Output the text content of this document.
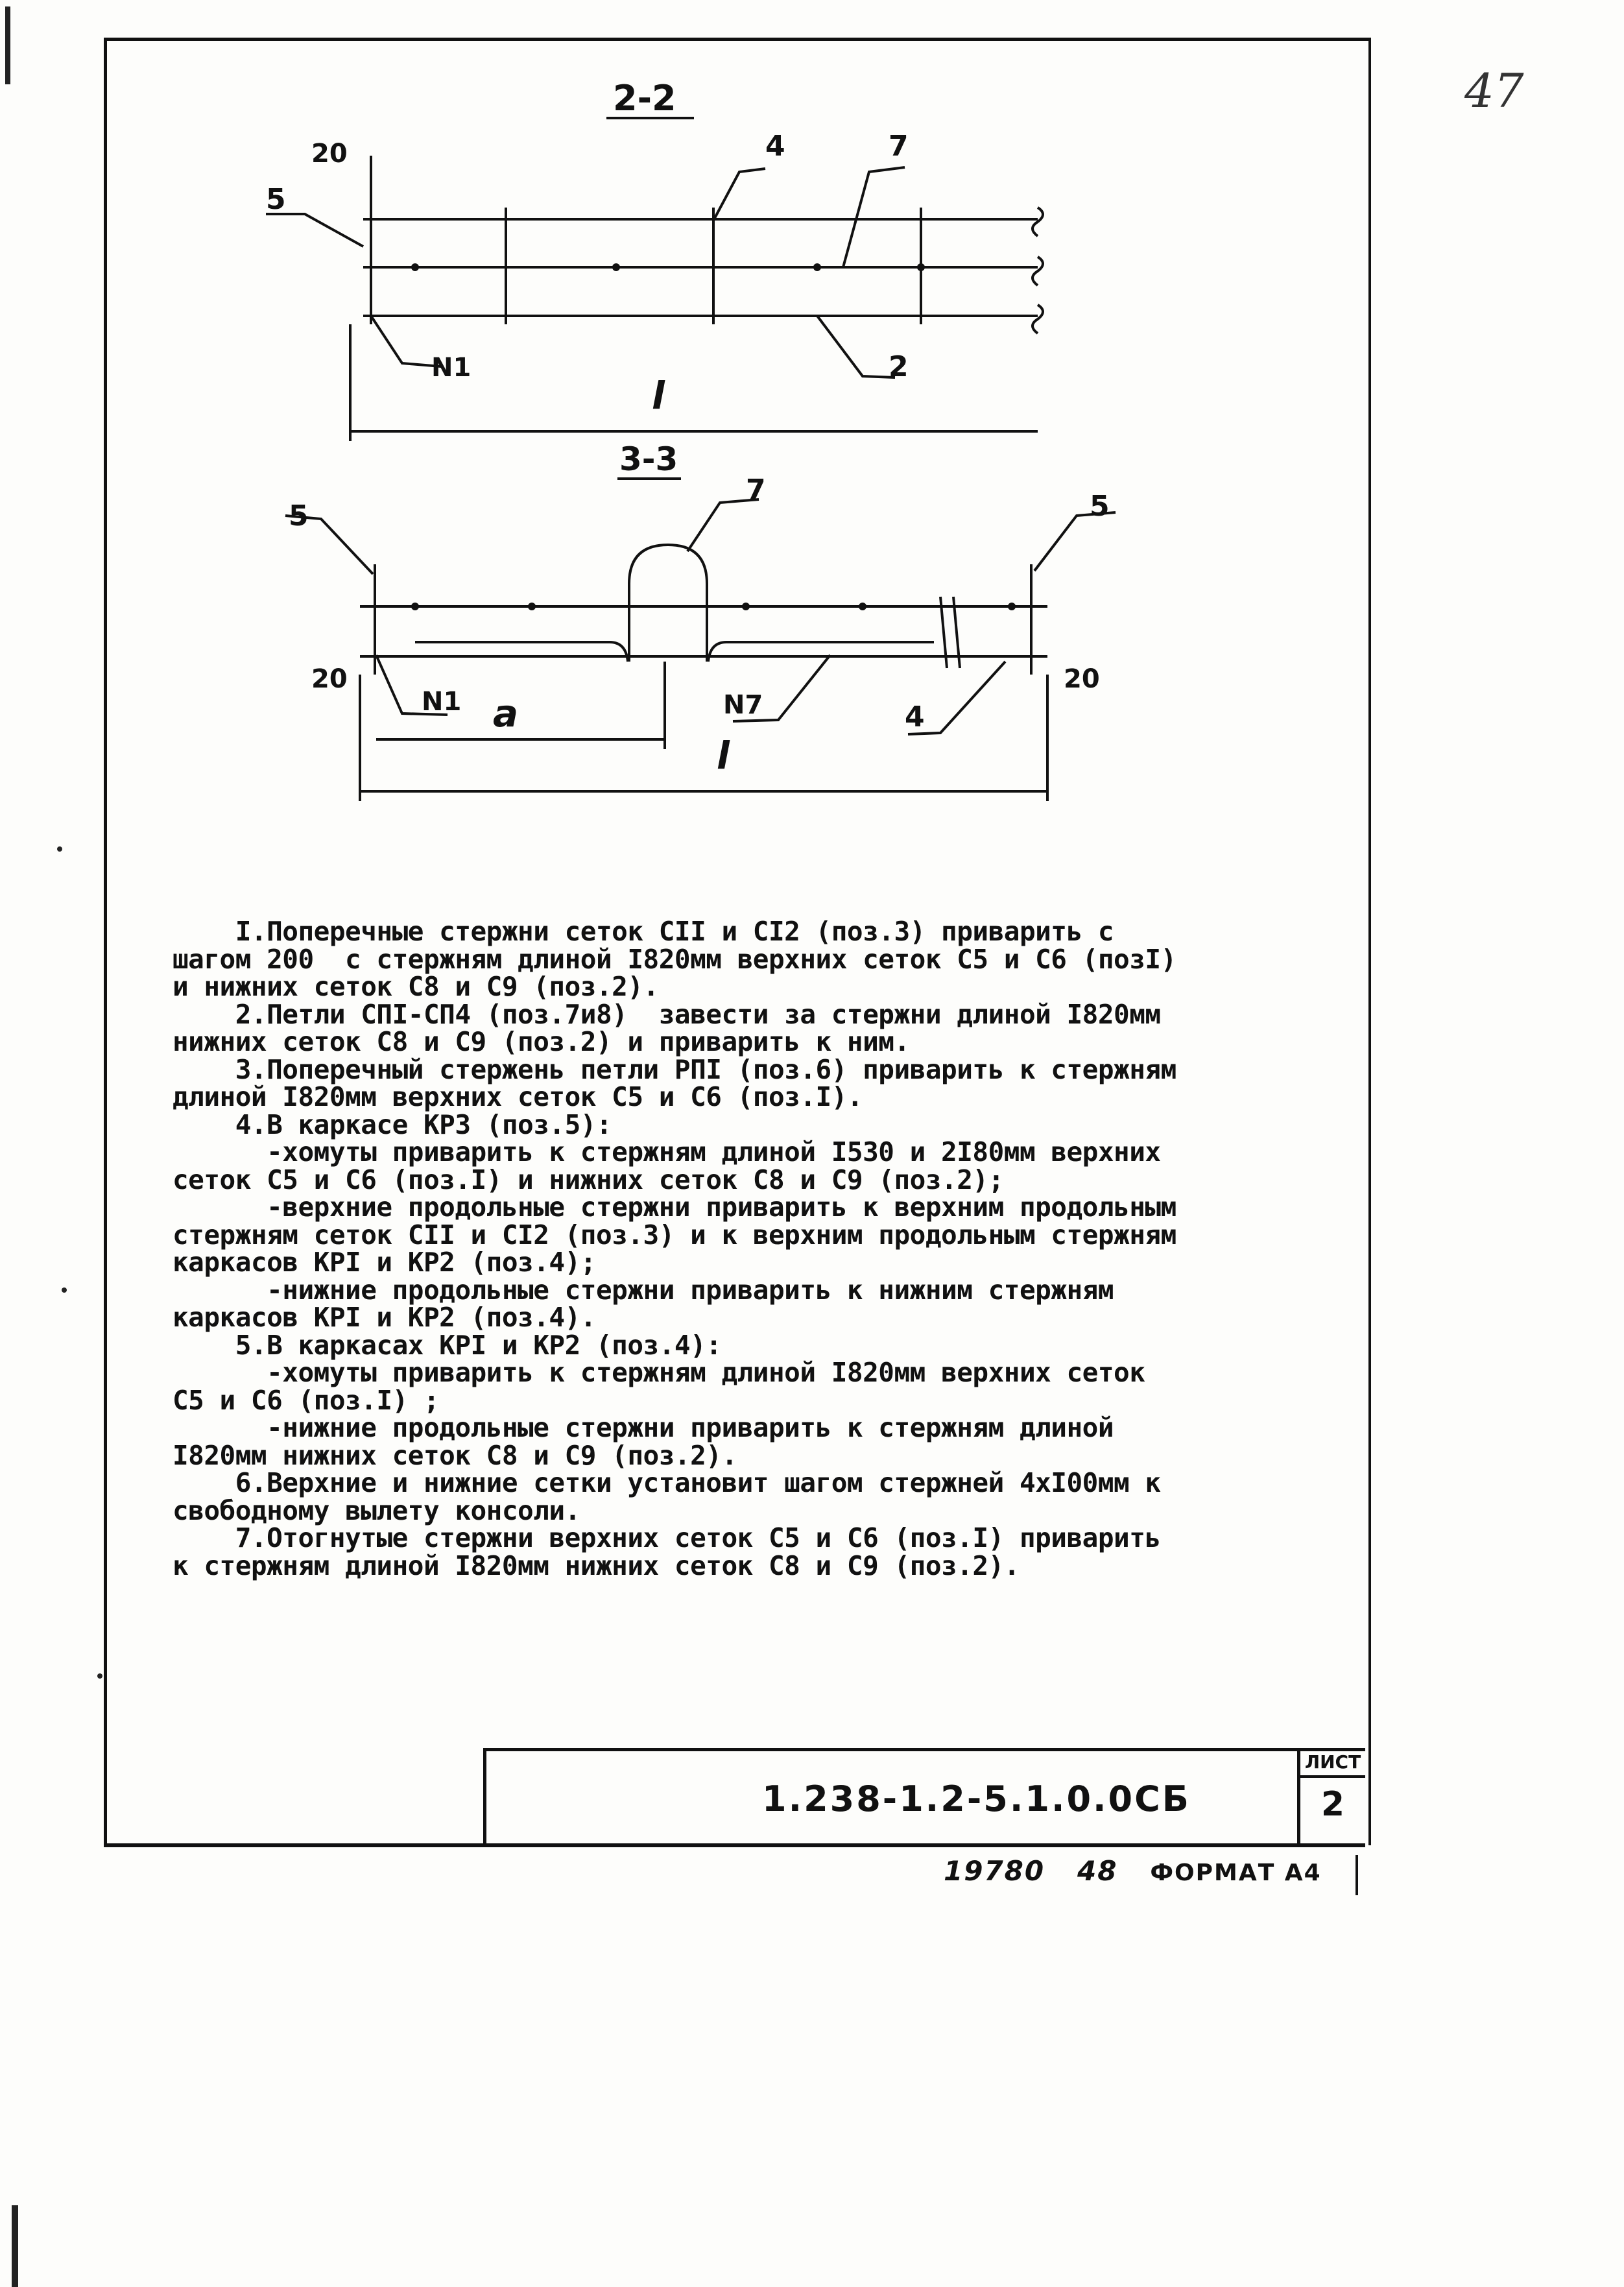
47
2-2
20
5
4	7
N1	2
l
3-3
5
7	5
20
N1 a	N7	4
20
l
I.Поперечные стержни сеток CII и CI2 (поз.3) приварить с
шагом 200  с стержням длиной I820мм верхних сеток C5 и C6 (позI)
и нижних сеток C8 и C9 (поз.2).
2.Петли СПI-СП4 (поз.7и8)  завести за стержни длиной I820мм
нижних сеток C8 и C9 (поз.2) и приварить к ним.
3.Поперечный стержень петли РПI (поз.6) приварить к стержням
длиной I820мм верхних сеток C5 и C6 (поз.I).
4.В каркасе КР3 (поз.5):
-хомуты приварить к стержням длиной I530 и 2I80мм верхних
сеток C5 и C6 (поз.I) и нижних сеток C8 и C9 (поз.2);
-верхние продольные стержни приварить к верхним продольным
стержням сеток CII и CI2 (поз.3) и к верхним продольным стержням
каркасов КРI и КР2 (поз.4);
-нижние продольные стержни приварить к нижним стержням
каркасов КРI и КР2 (поз.4).
5.В каркасах КРI и КР2 (поз.4):
-хомуты приварить к стержням длиной I820мм верхних сеток
C5 и C6 (поз.I) ;
-нижние продольные стержни приварить к стержням длиной
I820мм нижних сеток C8 и C9 (поз.2).
6.Верхние и нижние сетки установит шагом стержней 4xI00мм к
свободному вылету консоли.
7.Отогнутые стержни верхних сеток C5 и C6 (поз.I) приварить
к стержням длиной I820мм нижних сеток C8 и C9 (поз.2).
1.238-1.2-5.1.0.0СБ
ЛИСТ
2
19780 48 ФОРМАТ А4
